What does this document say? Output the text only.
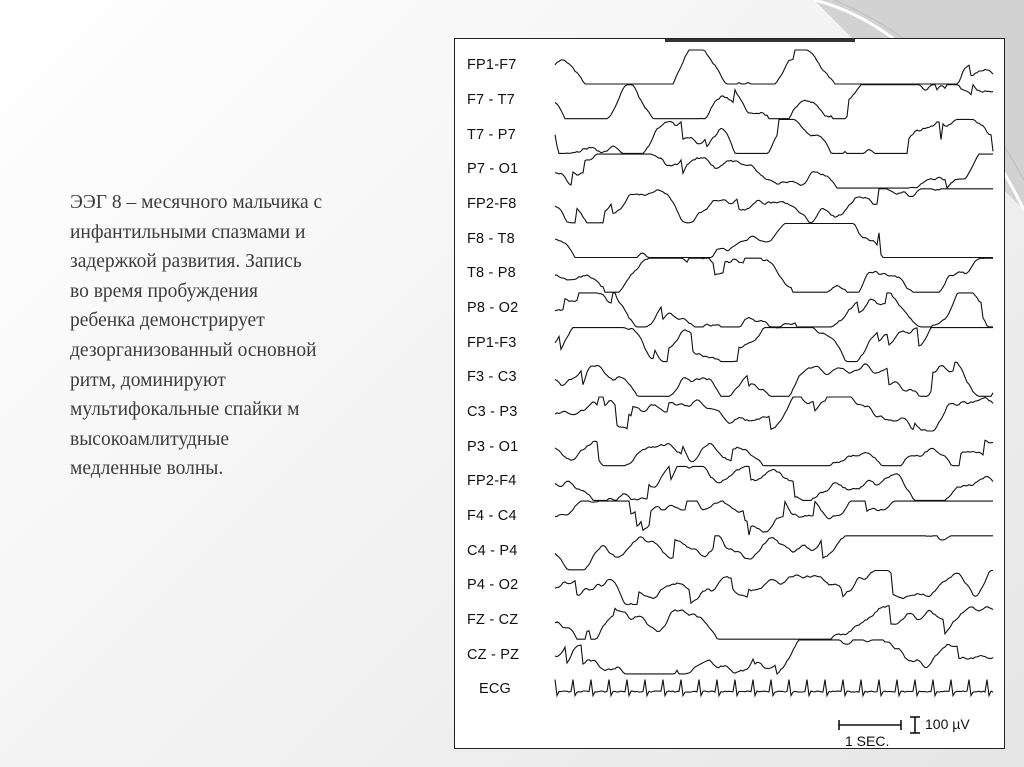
ЭЭГ 8 – месячного мальчика с
инфантильными спазмами и
задержкой развития. Запись
во время пробуждения
ребенка демонстрирует
дезорганизованный основной
ритм, доминируют
мультифокальные спайки м
высокоамлитудные
медленные волны.
FP1-F7
F7 - T7
T7 - P7
P7 - O1
FP2-F8
F8 - T8
T8 - P8
P8 - O2
FP1-F3
F3 - C3
C3 - P3
P3 - O1
FP2-F4
F4 - C4
C4 - P4
P4 - O2
FZ - CZ
CZ - PZ
ECG
100 µV
1 SEC.
